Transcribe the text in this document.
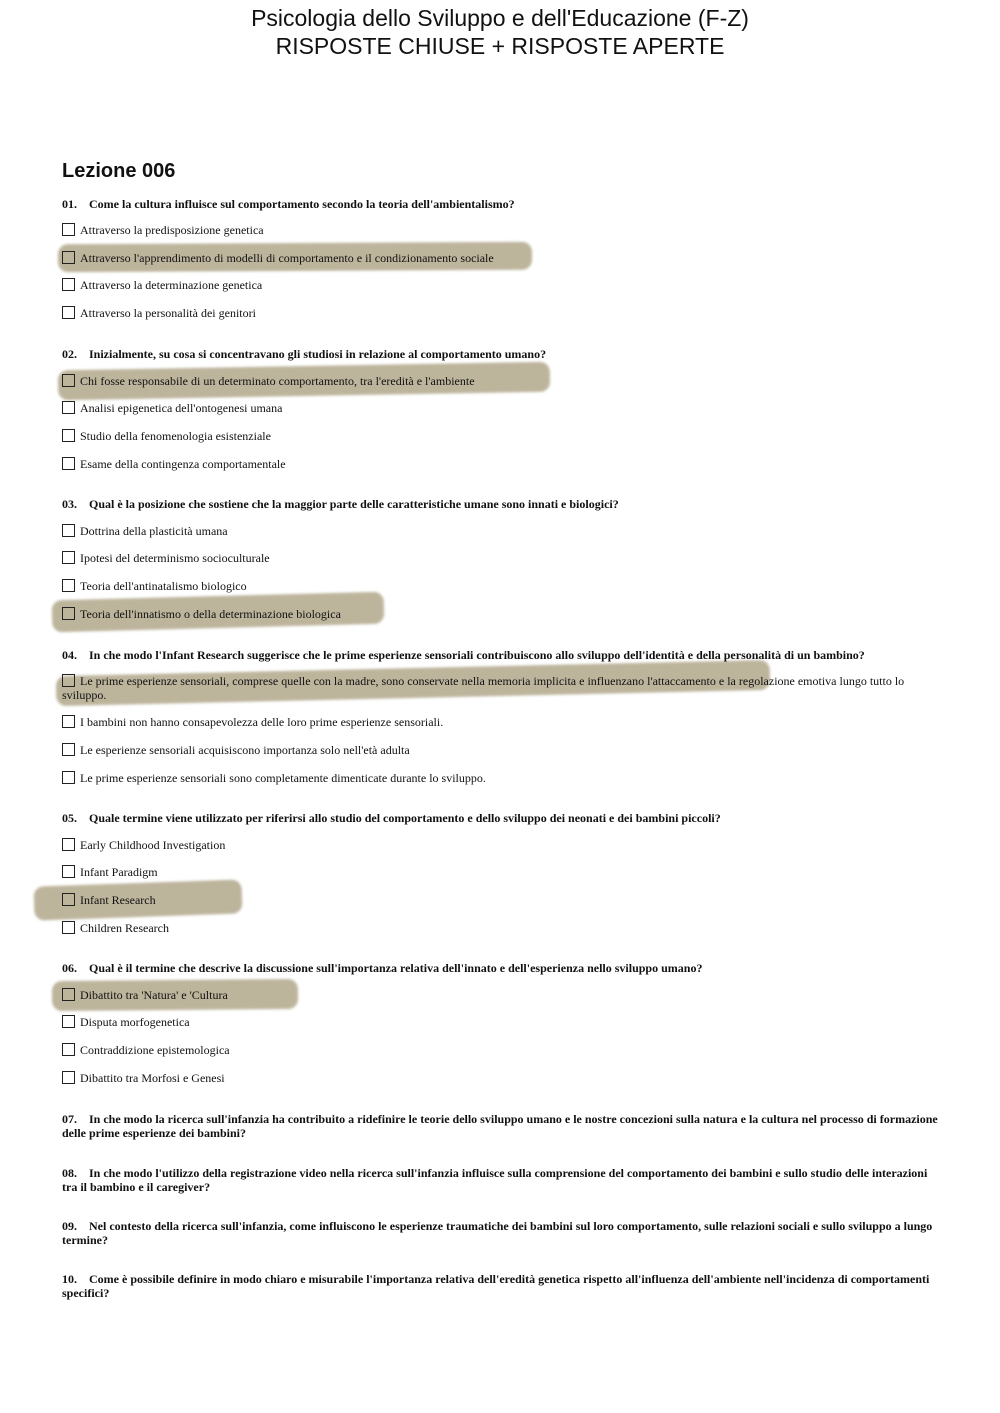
Psicologia dello Sviluppo e dell'Educazione (F-Z)
RISPOSTE CHIUSE + RISPOSTE APERTE
Lezione 006
01. Come la cultura influisce sul comportamento secondo la teoria dell'ambientalismo?
Attraverso la predisposizione genetica
Attraverso l'apprendimento di modelli di comportamento e il condizionamento sociale
Attraverso la determinazione genetica
Attraverso la personalità dei genitori
02. Inizialmente, su cosa si concentravano gli studiosi in relazione al comportamento umano?
Chi fosse responsabile di un determinato comportamento, tra l'eredità e l'ambiente
Analisi epigenetica dell'ontogenesi umana
Studio della fenomenologia esistenziale
Esame della contingenza comportamentale
03. Qual è la posizione che sostiene che la maggior parte delle caratteristiche umane sono innati e biologici?
Dottrina della plasticità umana
Ipotesi del determinismo socioculturale
Teoria dell'antinatalismo biologico
Teoria dell'innatismo o della determinazione biologica
04. In che modo l'Infant Research suggerisce che le prime esperienze sensoriali contribuiscono allo sviluppo dell'identità e della personalità di un bambino?
Le prime esperienze sensoriali, comprese quelle con la madre, sono conservate nella memoria implicita e influenzano l'attaccamento e la regolazione emotiva lungo tutto lo sviluppo.
I bambini non hanno consapevolezza delle loro prime esperienze sensoriali.
Le esperienze sensoriali acquisiscono importanza solo nell'età adulta
Le prime esperienze sensoriali sono completamente dimenticate durante lo sviluppo.
05. Quale termine viene utilizzato per riferirsi allo studio del comportamento e dello sviluppo dei neonati e dei bambini piccoli?
Early Childhood Investigation
Infant Paradigm
Infant Research
Children Research
06. Qual è il termine che descrive la discussione sull'importanza relativa dell'innato e dell'esperienza nello sviluppo umano?
Dibattito tra 'Natura' e 'Cultura
Disputa morfogenetica
Contraddizione epistemologica
Dibattito tra Morfosi e Genesi
07. In che modo la ricerca sull'infanzia ha contribuito a ridefinire le teorie dello sviluppo umano e le nostre concezioni sulla natura e la cultura nel processo di formazione delle prime esperienze dei bambini?
08. In che modo l'utilizzo della registrazione video nella ricerca sull'infanzia influisce sulla comprensione del comportamento dei bambini e sullo studio delle interazioni tra il bambino e il caregiver?
09. Nel contesto della ricerca sull'infanzia, come influiscono le esperienze traumatiche dei bambini sul loro comportamento, sulle relazioni sociali e sullo sviluppo a lungo termine?
10. Come è possibile definire in modo chiaro e misurabile l'importanza relativa dell'eredità genetica rispetto all'influenza dell'ambiente nell'incidenza di comportamenti specifici?
